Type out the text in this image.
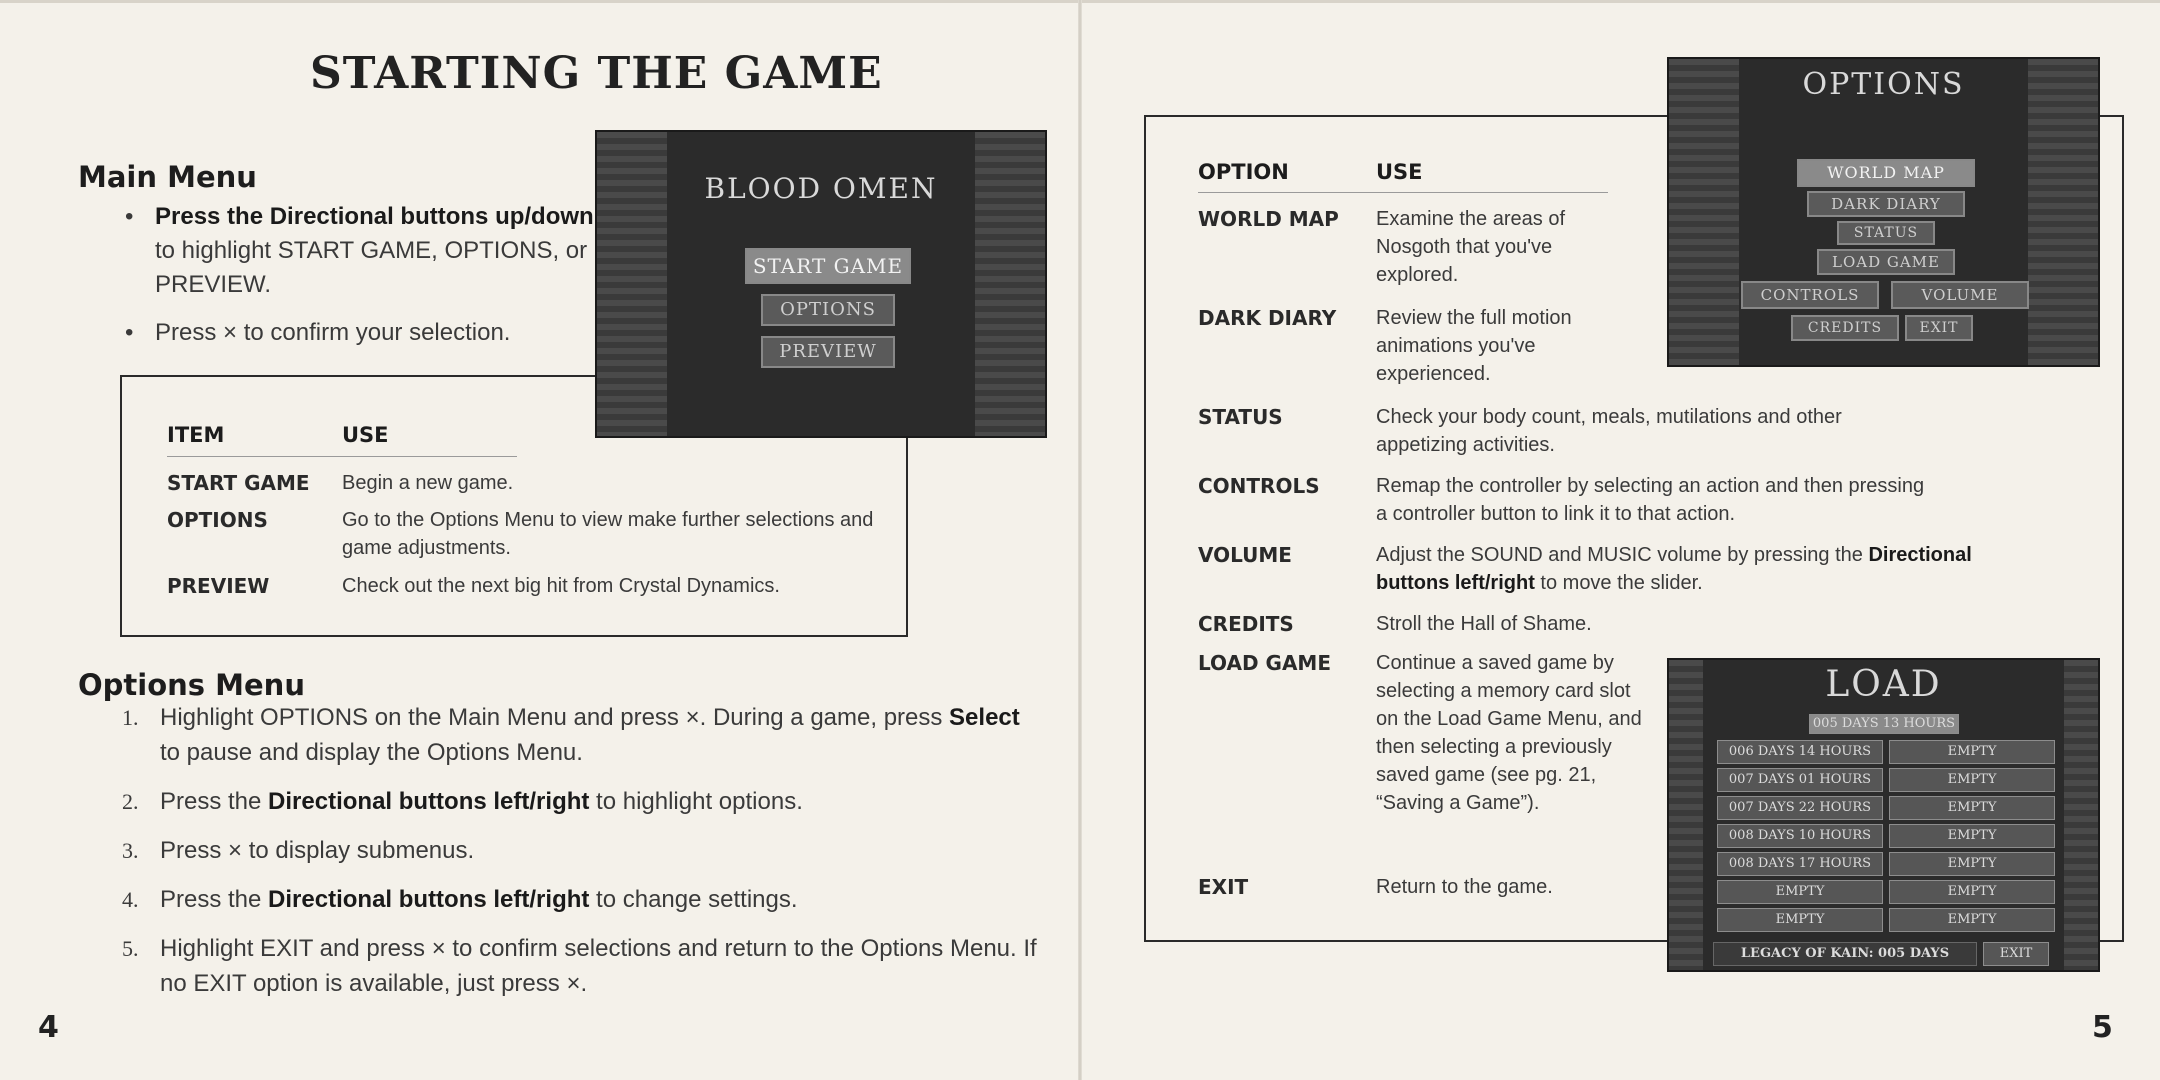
STARTING THE GAME
Main Menu
• Press the Directional buttons up/down to highlight START GAME, OPTIONS, or PREVIEW.
• Press × to confirm your selection.
ITEM	USE
START GAME Begin a new game.
OPTIONS	Go to the Options Menu to view make further selections and game adjustments.
PREVIEW	Check out the next big hit from Crystal Dynamics.
BLOOD OMEN
START GAME
OPTIONS
PREVIEW
Options Menu
1. Highlight OPTIONS on the Main Menu and press ×. During a game, press Select to pause and display the Options Menu.
2. Press the Directional buttons left/right to highlight options.
3. Press × to display submenus.
4. Press the Directional buttons left/right to change settings.
5. Highlight EXIT and press × to confirm selections and return to the Options Menu. If no EXIT option is available, just press ×.
4
OPTION	USE
WORLD MAP Examine the areas of Nosgoth that you've explored.
DARK DIARY Review the full motion animations you've experienced.
STATUS	Check your body count, meals, mutilations and other appetizing activities.
CONTROLS	Remap the controller by selecting an action and then pressing a controller button to link it to that action.
VOLUME	Adjust the SOUND and MUSIC volume by pressing the Directional buttons left/right to move the slider.
CREDITS	Stroll the Hall of Shame.
LOAD GAME Continue a saved game by selecting a memory card slot on the Load Game Menu, and then selecting a previously saved game (see pg. 21, “Saving a Game”).
EXIT	Return to the game.
OPTIONS
WORLD MAP
DARK DIARY
STATUS
LOAD GAME
CONTROLS	VOLUME
CREDITS	EXIT
LOAD
005 DAYS 13 HOURS
006 DAYS 14 HOURS	EMPTY
007 DAYS 01 HOURS	EMPTY
007 DAYS 22 HOURS	EMPTY
008 DAYS 10 HOURS	EMPTY
008 DAYS 17 HOURS	EMPTY
EMPTY	EMPTY
EMPTY	EMPTY
LEGACY OF KAIN: 005 DAYS	EXIT
5
